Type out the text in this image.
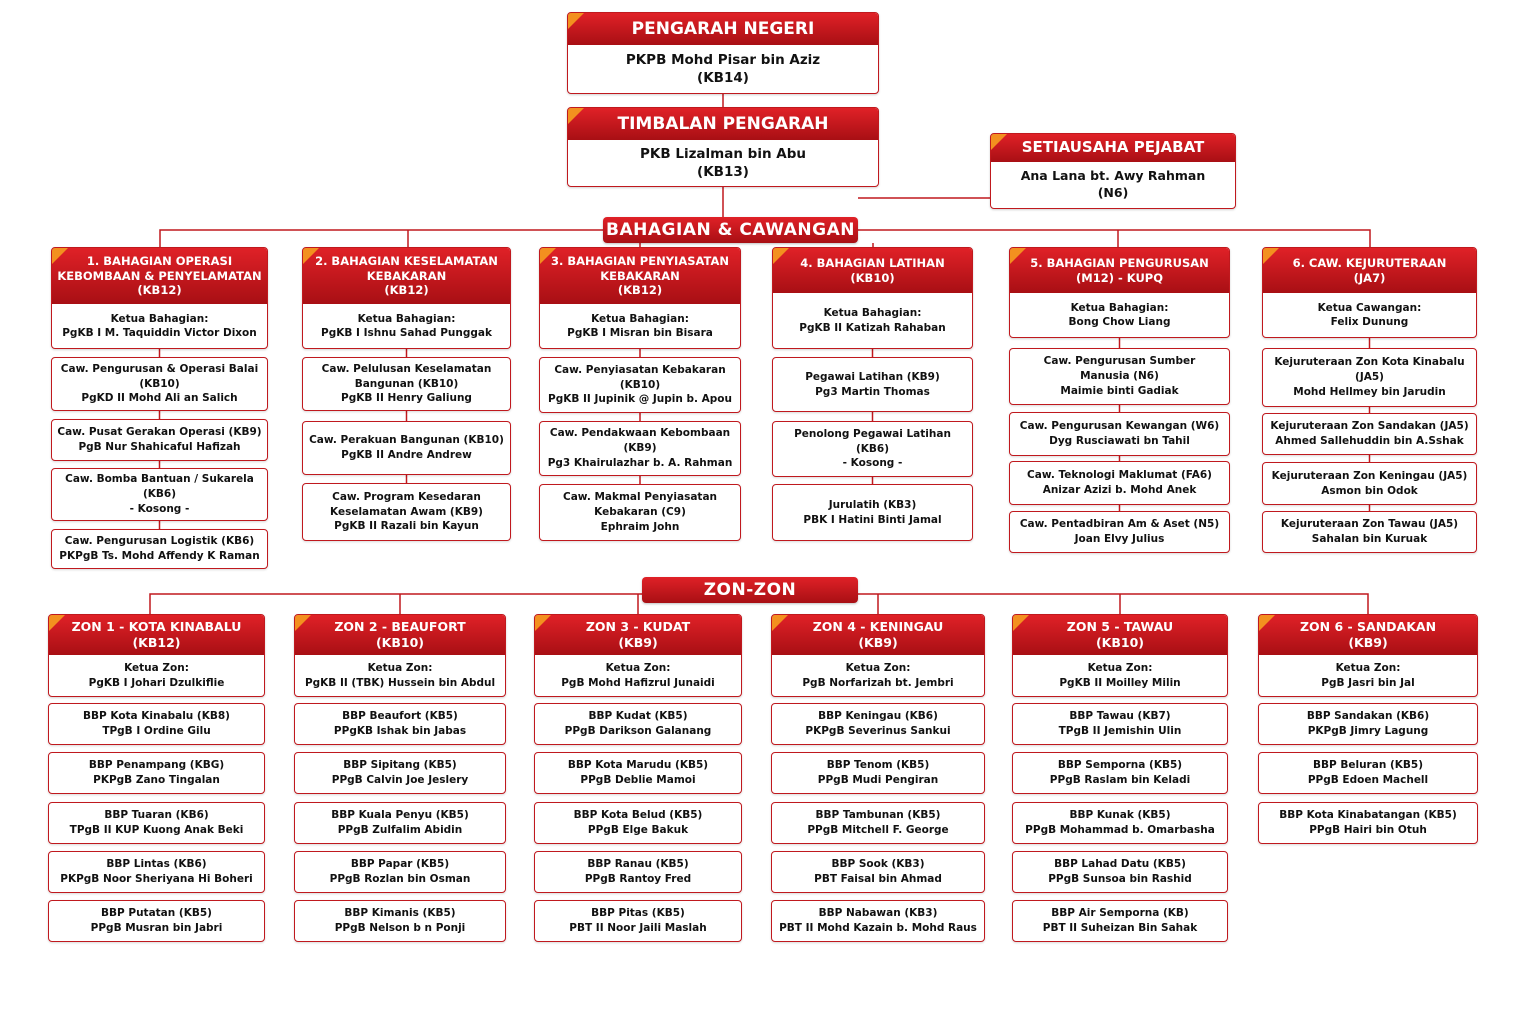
PENGARAH NEGERI
PKPB Mohd Pisar bin Aziz
(KB14)
TIMBALAN PENGARAH
PKB Lizalman bin Abu
(KB13)
SETIAUSAHA PEJABAT
Ana Lana bt. Awy Rahman
(N6)
BAHAGIAN & CAWANGAN
ZON-ZON
1. BAHAGIAN OPERASI
KEBOMBAAN & PENYELAMATAN
(KB12)
Ketua Bahagian:
PgKB I M. Taquiddin Victor Dixon
Caw. Pengurusan & Operasi Balai
(KB10)
PgKD II Mohd Ali an Salich
Caw. Pusat Gerakan Operasi (KB9)
PgB Nur Shahicaful Hafizah
Caw. Bomba Bantuan / Sukarela
(KB6)
- Kosong -
Caw. Pengurusan Logistik (KB6)
PKPgB Ts. Mohd Affendy K Raman
2. BAHAGIAN KESELAMATAN
KEBAKARAN
(KB12)
Ketua Bahagian:
PgKB I Ishnu Sahad Punggak
Caw. Pelulusan Keselamatan
Bangunan (KB10)
PgKB II Henry Galiung
Caw. Perakuan Bangunan (KB10)
PgKB II Andre Andrew
Caw. Program Kesedaran
Keselamatan Awam (KB9)
PgKB II Razali bin Kayun
3. BAHAGIAN PENYIASATAN
KEBAKARAN
(KB12)
Ketua Bahagian:
PgKB I Misran bin Bisara
Caw. Penyiasatan Kebakaran
(KB10)
PgKB II Jupinik @ Jupin b. Apou
Caw. Pendakwaan Kebombaan
(KB9)
Pg3 Khairulazhar b. A. Rahman
Caw. Makmal Penyiasatan
Kebakaran (C9)
Ephraim John
4. BAHAGIAN LATIHAN
(KB10)
Ketua Bahagian:
PgKB II Katizah Rahaban
Pegawai Latihan (KB9)
Pg3 Martin Thomas
Penolong Pegawai Latihan (KB6)
- Kosong -
Jurulatih (KB3)
PBK I Hatini Binti Jamal
5. BAHAGIAN PENGURUSAN
(M12) - KUPQ
Ketua Bahagian:
Bong Chow Liang
Caw. Pengurusan Sumber
Manusia (N6)
Maimie binti Gadiak
Caw. Pengurusan Kewangan (W6)
Dyg Rusciawati bn Tahil
Caw. Teknologi Maklumat (FA6)
Anizar Azizi b. Mohd Anek
Caw. Pentadbiran Am & Aset (N5)
Joan Elvy Julius
6. CAW. KEJURUTERAAN
(JA7)
Ketua Cawangan:
Felix Dunung
Kejuruteraan Zon Kota Kinabalu
(JA5)
Mohd Hellmey bin Jarudin
Kejuruteraan Zon Sandakan (JA5)
Ahmed Sallehuddin bin A.Sshak
Kejuruteraan Zon Keningau (JA5)
Asmon bin Odok
Kejuruteraan Zon Tawau (JA5)
Sahalan bin Kuruak
ZON 1 - KOTA KINABALU
(KB12)
Ketua Zon:
PgKB I Johari Dzulkiflie
BBP Kota Kinabalu (KB8)
TPgB I Ordine Gilu
BBP Penampang (KBG)
PKPgB Zano Tingalan
BBP Tuaran (KB6)
TPgB II KUP Kuong Anak Beki
BBP Lintas (KB6)
PKPgB Noor Sheriyana Hi Boheri
BBP Putatan (KB5)
PPgB Musran bin Jabri
ZON 2 - BEAUFORT
(KB10)
Ketua Zon:
PgKB II (TBK) Hussein bin Abdul
BBP Beaufort (KB5)
PPgKB Ishak bin Jabas
BBP Sipitang (KB5)
PPgB Calvin Joe Jeslery
BBP Kuala Penyu (KB5)
PPgB Zulfalim Abidin
BBP Papar (KB5)
PPgB Rozlan bin Osman
BBP Kimanis (KB5)
PPgB Nelson b n Ponji
ZON 3 - KUDAT
(KB9)
Ketua Zon:
PgB Mohd Hafizrul Junaidi
BBP Kudat (KB5)
PPgB Darikson Galanang
BBP Kota Marudu (KB5)
PPgB Deblie Mamoi
BBP Kota Belud (KB5)
PPgB Elge Bakuk
BBP Ranau (KB5)
PPgB Rantoy Fred
BBP Pitas (KB5)
PBT II Noor Jaili Maslah
ZON 4 - KENINGAU
(KB9)
Ketua Zon:
PgB Norfarizah bt. Jembri
BBP Keningau (KB6)
PKPgB Severinus Sankui
BBP Tenom (KB5)
PPgB Mudi Pengiran
BBP Tambunan (KB5)
PPgB Mitchell F. George
BBP Sook (KB3)
PBT Faisal bin Ahmad
BBP Nabawan (KB3)
PBT II Mohd Kazain b. Mohd Raus
ZON 5 - TAWAU
(KB10)
Ketua Zon:
PgKB II Moilley Milin
BBP Tawau (KB7)
TPgB II Jemishin Ulin
BBP Semporna (KB5)
PPgB Raslam bin Keladi
BBP Kunak (KB5)
PPgB Mohammad b. Omarbasha
BBP Lahad Datu (KB5)
PPgB Sunsoa bin Rashid
BBP Air Semporna (KB)
PBT II Suheizan Bin Sahak
ZON 6 - SANDAKAN
(KB9)
Ketua Zon:
PgB Jasri bin Jal
BBP Sandakan (KB6)
PKPgB Jimry Lagung
BBP Beluran (KB5)
PPgB Edoen Machell
BBP Kota Kinabatangan (KB5)
PPgB Hairi bin Otuh
